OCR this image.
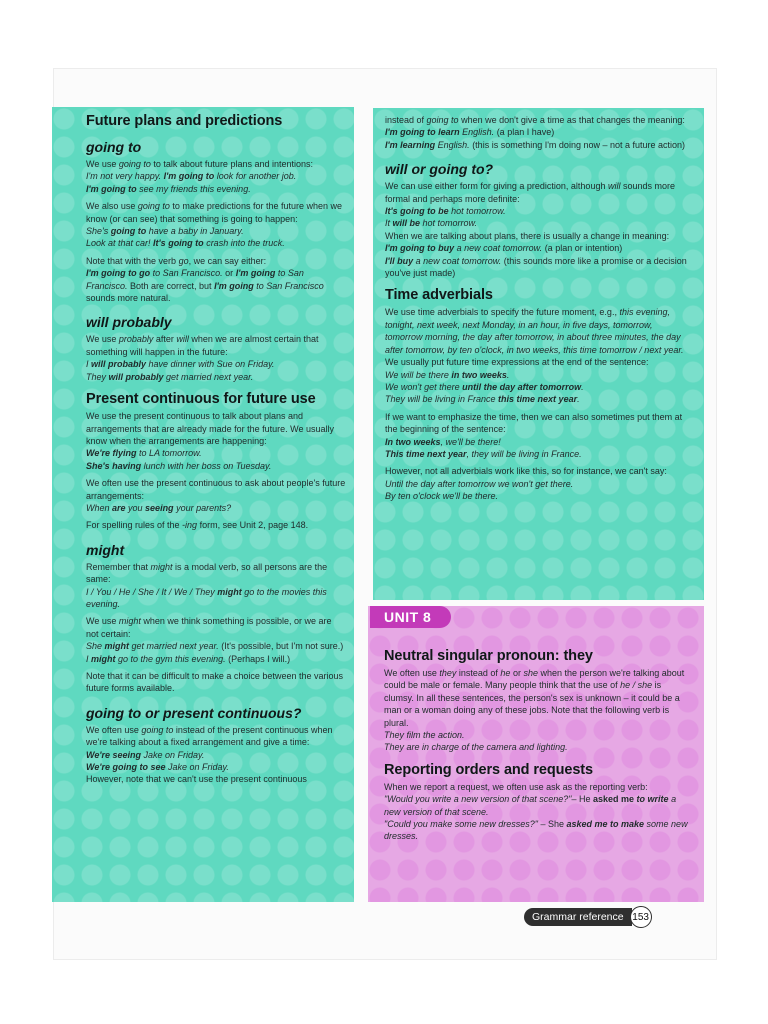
Future plans and predictions
going to
We use going to to talk about future plans and intentions:
I'm not very happy. I'm going to look for another job.
I'm going to see my friends this evening.
We also use going to to make predictions for the future when we know (or can see) that something is going to happen:
She's going to have a baby in January.
Look at that car! It's going to crash into the truck.
Note that with the verb go, we can say either:
I'm going to go to San Francisco. or I'm going to San Francisco. Both are correct, but I'm going to San Francisco sounds more natural.
will probably
We use probably after will when we are almost certain that something will happen in the future:
I will probably have dinner with Sue on Friday.
They will probably get married next year.
Present continuous for future use
We use the present continuous to talk about plans and arrangements that are already made for the future. We usually know when the arrangements are happening:
We're flying to LA tomorrow.
She's having lunch with her boss on Tuesday.
We often use the present continuous to ask about people's future arrangements:
When are you seeing your parents?
For spelling rules of the -ing form, see Unit 2, page 148.
might
Remember that might is a modal verb, so all persons are the same:
I / You / He / She / It / We / They might go to the movies this evening.
We use might when we think something is possible, or we are not certain:
She might get married next year. (It's possible, but I'm not sure.)
I might go to the gym this evening. (Perhaps I will.)
Note that it can be difficult to make a choice between the various future forms available.
going to or present continuous?
We often use going to instead of the present continuous when we're talking about a fixed arrangement and give a time:
We're seeing Jake on Friday.
We're going to see Jake on Friday.
However, note that we can't use the present continuous
instead of going to when we don't give a time as that changes the meaning:
I'm going to learn English. (a plan I have)
I'm learning English. (this is something I'm doing now – not a future action)
will or going to?
We can use either form for giving a prediction, although will sounds more formal and perhaps more definite:
It's going to be hot tomorrow.
It will be hot tomorrow.
When we are talking about plans, there is usually a change in meaning:
I'm going to buy a new coat tomorrow. (a plan or intention)
I'll buy a new coat tomorrow. (this sounds more like a promise or a decision you've just made)
Time adverbials
We use time adverbials to specify the future moment, e.g., this evening, tonight, next week, next Monday, in an hour, in five days, tomorrow, tomorrow morning, the day after tomorrow, in about three minutes, the day after tomorrow, by ten o'clock, in two weeks, this time tomorrow / next year.
We usually put future time expressions at the end of the sentence:
We will be there in two weeks.
We won't get there until the day after tomorrow.
They will be living in France this time next year.
If we want to emphasize the time, then we can also sometimes put them at the beginning of the sentence:
In two weeks, we'll be there!
This time next year, they will be living in France.
However, not all adverbials work like this, so for instance, we can't say:
Until the day after tomorrow we won't get there.
By ten o'clock we'll be there.
UNIT 8
Neutral singular pronoun: they
We often use they instead of he or she when the person we're talking about could be male or female. Many people think that the use of he / she is clumsy. In all these sentences, the person's sex is unknown – it could be a man or a woman doing any of these jobs. Note that the following verb is plural.
They film the action.
They are in charge of the camera and lighting.
Reporting orders and requests
When we report a request, we often use ask as the reporting verb:
"Would you write a new version of that scene?"– He asked me to write a new version of that scene.
"Could you make some new dresses?" – She asked me to make some new dresses.
Grammar reference 153
